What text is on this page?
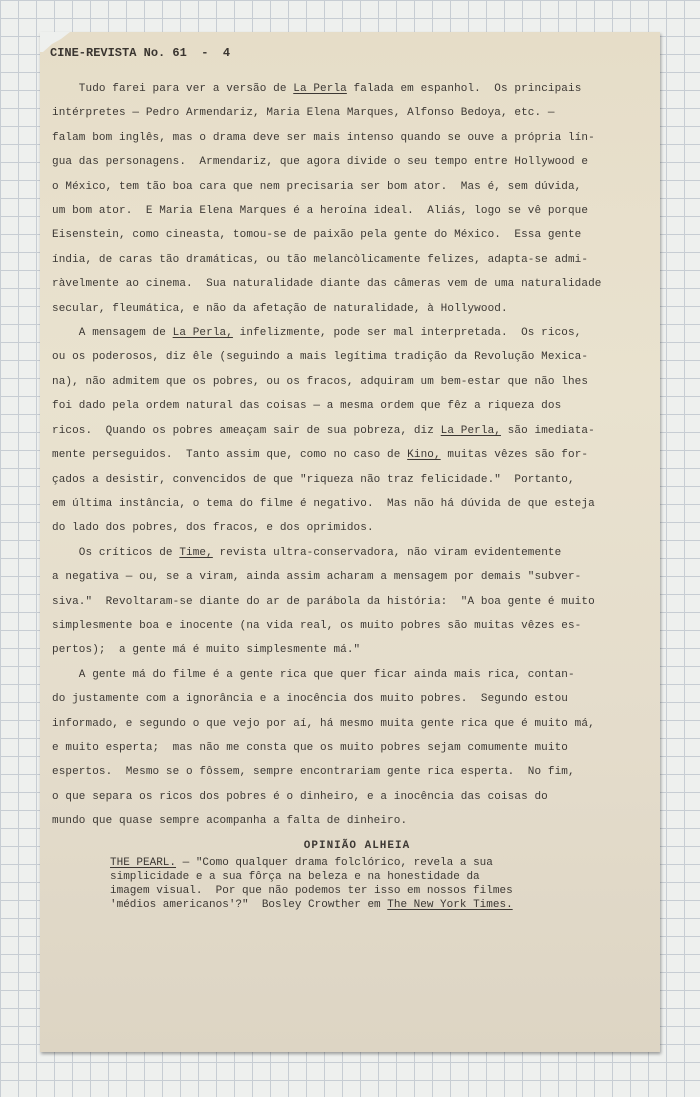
CINE-REVISTA No. 61  -  4

Tudo farei para ver a versão de La Perla falada em espanhol.  Os principais
intérpretes — Pedro Armendariz, Maria Elena Marques, Alfonso Bedoya, etc. —
falam bom inglês, mas o drama deve ser mais intenso quando se ouve a própria lín-
gua das personagens.  Armendariz, que agora divide o seu tempo entre Hollywood e
o México, tem tão boa cara que nem precisaria ser bom ator.  Mas é, sem dúvida,
um bom ator.  E Maria Elena Marques é a heroína ideal.  Aliás, logo se vê porque
Eisenstein, como cineasta, tomou-se de paixão pela gente do México.  Essa gente
índia, de caras tão dramáticas, ou tão melancòlicamente felizes, adapta-se admi-
ràvelmente ao cinema.  Sua naturalidade diante das câmeras vem de uma naturalidade
secular, fleumática, e não da afetação de naturalidade, à Hollywood.

A mensagem de La Perla, infelizmente, pode ser mal interpretada.  Os ricos,
ou os poderosos, diz êle (seguindo a mais legítima tradição da Revolução Mexica-
na), não admitem que os pobres, ou os fracos, adquiram um bem-estar que não lhes
foi dado pela ordem natural das coisas — a mesma ordem que fêz a riqueza dos
ricos.  Quando os pobres ameaçam sair de sua pobreza, diz La Perla, são imediata-
mente perseguidos.  Tanto assim que, como no caso de Kino, muitas vêzes são for-
çados a desistir, convencidos de que "riqueza não traz felicidade."  Portanto,
em última instância, o tema do filme é negativo.  Mas não há dúvida de que esteja
do lado dos pobres, dos fracos, e dos oprimidos.

Os críticos de Time, revista ultra-conservadora, não viram evidentemente
a negativa — ou, se a viram, ainda assim acharam a mensagem por demais "subver-
siva."  Revoltaram-se diante do ar de parábola da história:  "A boa gente é muito
simplesmente boa e inocente (na vida real, os muito pobres são muitas vêzes es-
pertos);  a gente má é muito simplesmente má."

A gente má do filme é a gente rica que quer ficar ainda mais rica, contan-
do justamente com a ignorância e a inocência dos muito pobres.  Segundo estou
informado, e segundo o que vejo por aí, há mesmo muita gente rica que é muito má,
e muito esperta;  mas não me consta que os muito pobres sejam comumente muito
espertos.  Mesmo se o fôssem, sempre encontrariam gente rica esperta.  No fim,
o que separa os ricos dos pobres é o dinheiro, e a inocência das coisas do
mundo que quase sempre acompanha a falta de dinheiro.

OPINIÃO ALHEIA
THE PEARL. — "Como qualquer drama folclórico, revela a sua
simplicidade e a sua fôrça na beleza e na honestidade da
imagem visual.  Por que não podemos ter isso em nossos filmes
'médios americanos'?"  Bosley Crowther em The New York Times.
